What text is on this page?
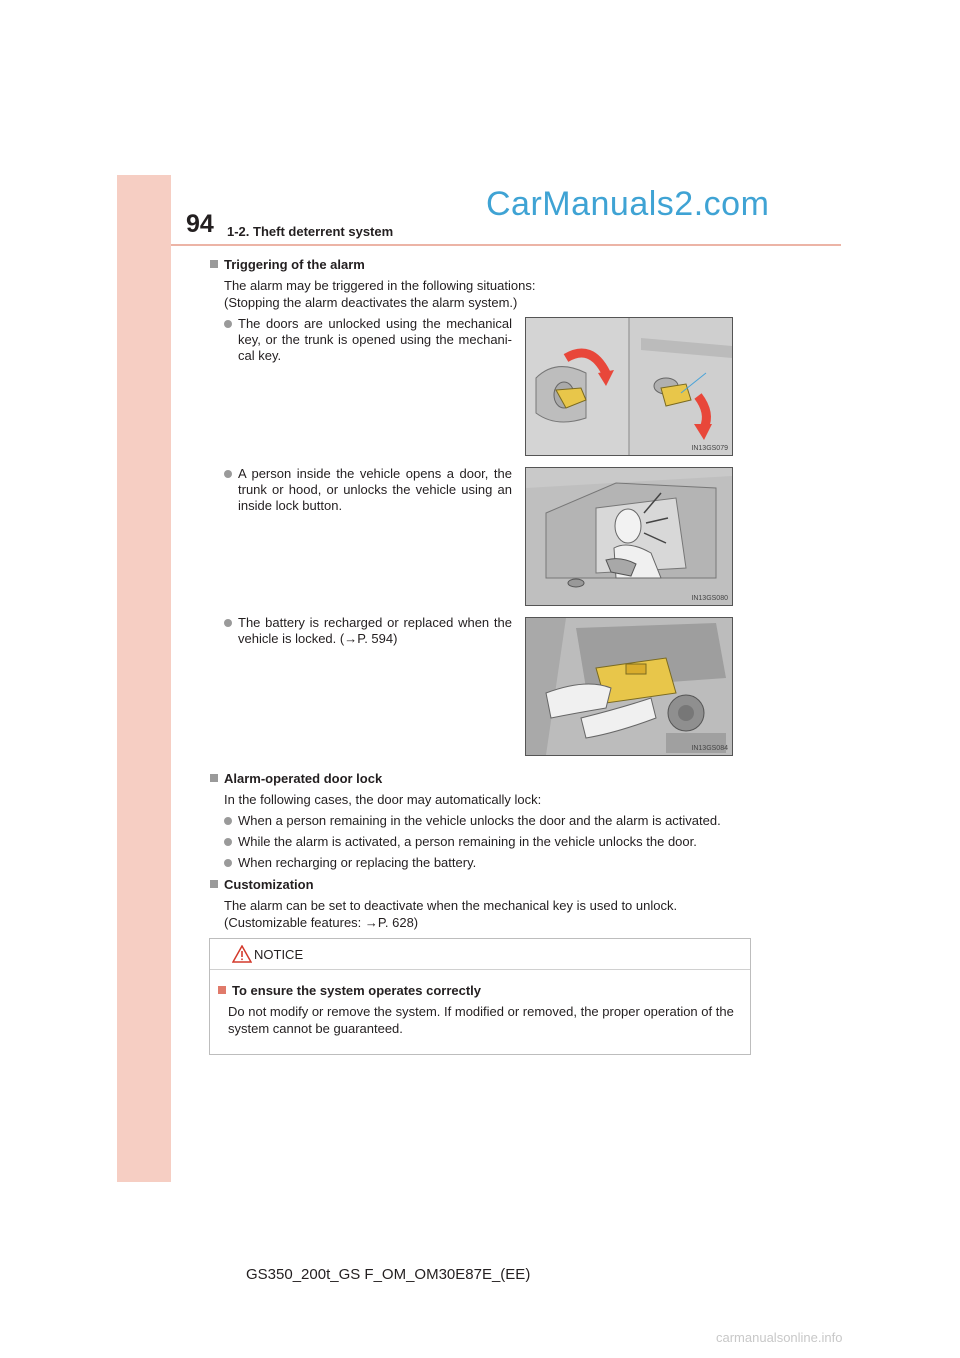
94 1-2. Theft deterrent system
CarManuals2.com
Triggering of the alarm
The alarm may be triggered in the following situations:
(Stopping the alarm deactivates the alarm system.)
The doors are unlocked using the mechanical key, or the trunk is opened using the mechani-cal key.
IN13GS079
A person inside the vehicle opens a door, the trunk or hood, or unlocks the vehicle using an inside lock button.
IN13GS080
The battery is recharged or replaced when the vehicle is locked. (→P. 594)
IN13GS084
Alarm-operated door lock
In the following cases, the door may automatically lock:
When a person remaining in the vehicle unlocks the door and the alarm is activated.
While the alarm is activated, a person remaining in the vehicle unlocks the door.
When recharging or replacing the battery.
Customization
The alarm can be set to deactivate when the mechanical key is used to unlock.
(Customizable features: →P. 628)
NOTICE
To ensure the system operates correctly
Do not modify or remove the system. If modified or removed, the proper operation of the system cannot be guaranteed.
GS350_200t_GS F_OM_OM30E87E_(EE)
carmanualsonline.info
